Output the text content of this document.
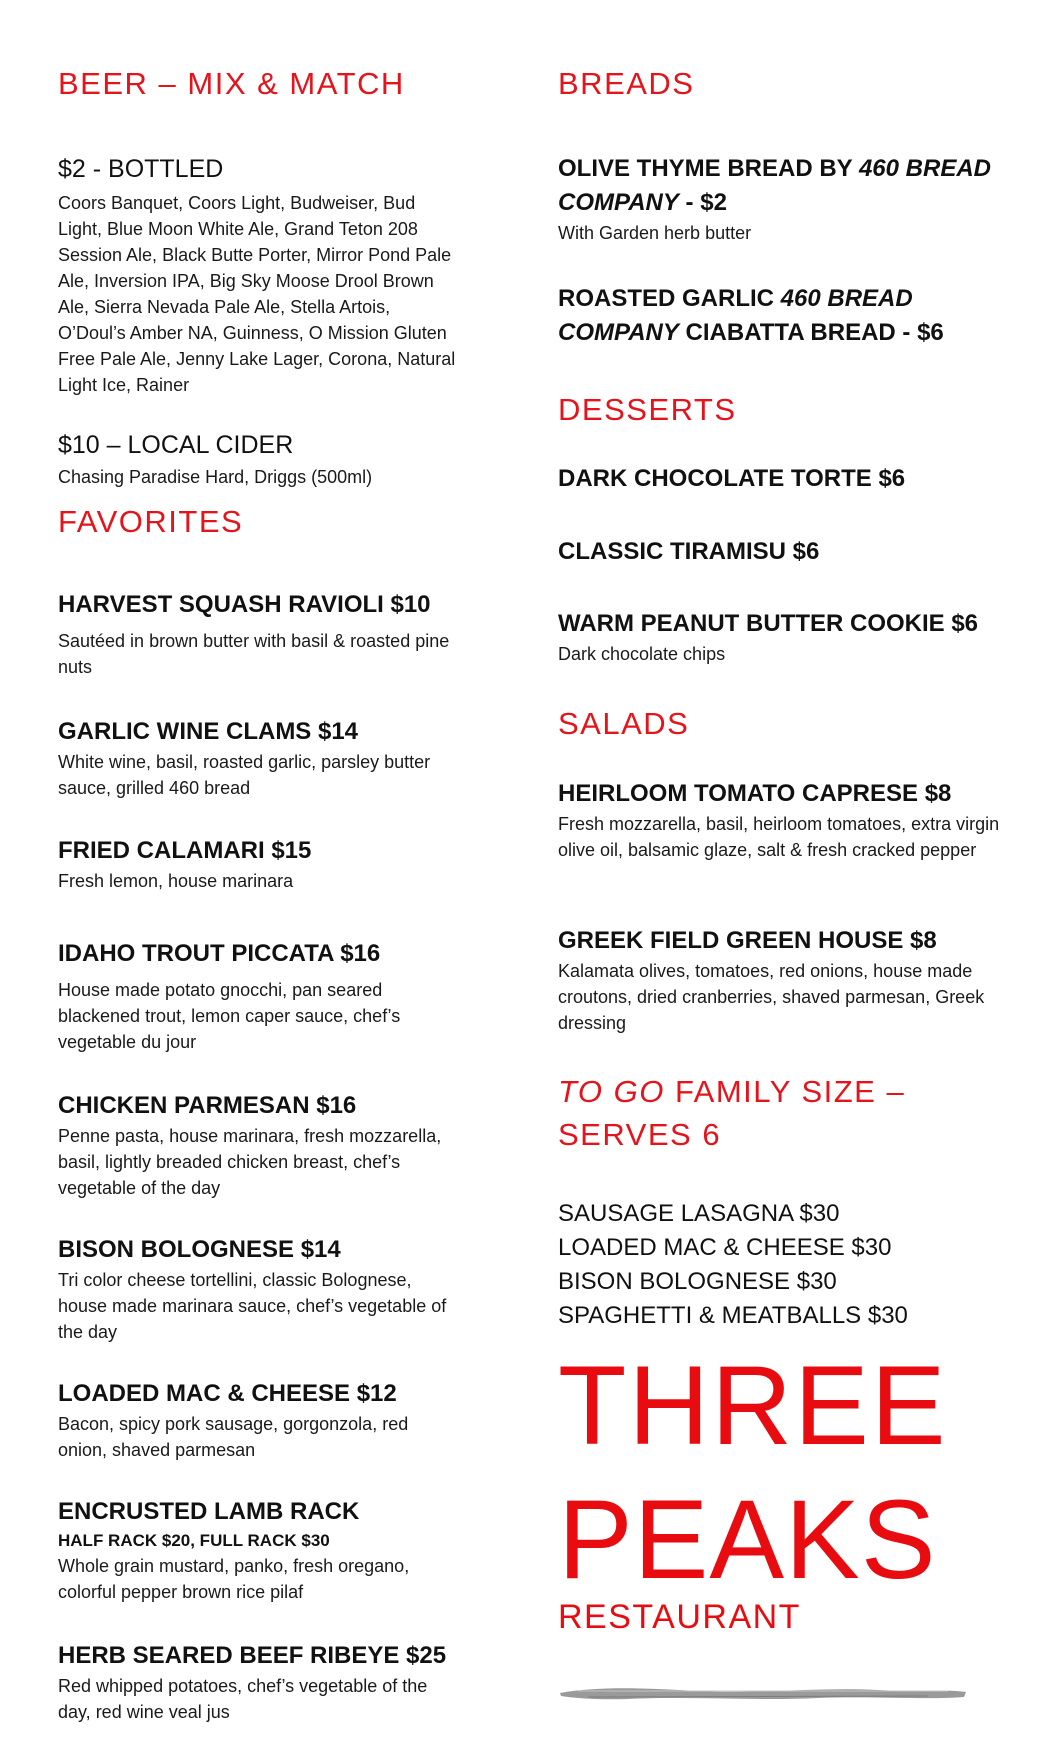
BEER – MIX & MATCH
$2 - BOTTLED
Coors Banquet, Coors Light, Budweiser, Bud Light, Blue Moon White Ale, Grand Teton 208 Session Ale, Black Butte Porter, Mirror Pond Pale Ale, Inversion IPA, Big Sky Moose Drool Brown Ale, Sierra Nevada Pale Ale, Stella Artois, O’Doul’s Amber NA, Guinness, O Mission Gluten Free Pale Ale, Jenny Lake Lager, Corona, Natural Light Ice, Rainer
$10 – LOCAL CIDER
Chasing Paradise Hard, Driggs (500ml)
FAVORITES
HARVEST SQUASH RAVIOLI $10
Sautéed in brown butter with basil & roasted pine nuts
GARLIC WINE CLAMS $14
White wine, basil, roasted garlic, parsley butter sauce, grilled 460 bread
FRIED CALAMARI $15
Fresh lemon, house marinara
IDAHO TROUT PICCATA $16
House made potato gnocchi, pan seared blackened trout, lemon caper sauce, chef’s vegetable du jour
CHICKEN PARMESAN $16
Penne pasta, house marinara, fresh mozzarella, basil, lightly breaded chicken breast, chef’s vegetable of the day
BISON BOLOGNESE $14
Tri color cheese tortellini, classic Bolognese, house made marinara sauce, chef’s vegetable of the day
LOADED MAC & CHEESE $12
Bacon, spicy pork sausage, gorgonzola, red onion, shaved parmesan
ENCRUSTED LAMB RACK
HALF RACK $20, FULL RACK $30
Whole grain mustard, panko, fresh oregano, colorful pepper brown rice pilaf
HERB SEARED BEEF RIBEYE $25
Red whipped potatoes, chef’s vegetable of the day, red wine veal jus
BREADS
OLIVE THYME BREAD BY 460 BREAD
COMPANY - $2
With Garden herb butter
ROASTED GARLIC 460 BREAD
COMPANY CIABATTA BREAD - $6
DESSERTS
DARK CHOCOLATE TORTE $6
CLASSIC TIRAMISU $6
WARM PEANUT BUTTER COOKIE $6
Dark chocolate chips
SALADS
HEIRLOOM TOMATO CAPRESE $8
Fresh mozzarella, basil, heirloom tomatoes, extra virgin olive oil, balsamic glaze, salt & fresh cracked pepper
GREEK FIELD GREEN HOUSE $8
Kalamata olives, tomatoes, red onions, house made croutons, dried cranberries, shaved parmesan, Greek dressing
TO GO FAMILY SIZE –
SERVES 6
SAUSAGE LASAGNA $30
LOADED MAC & CHEESE $30
BISON BOLOGNESE $30
SPAGHETTI & MEATBALLS $30
THREE
PEAKS
RESTAURANT
